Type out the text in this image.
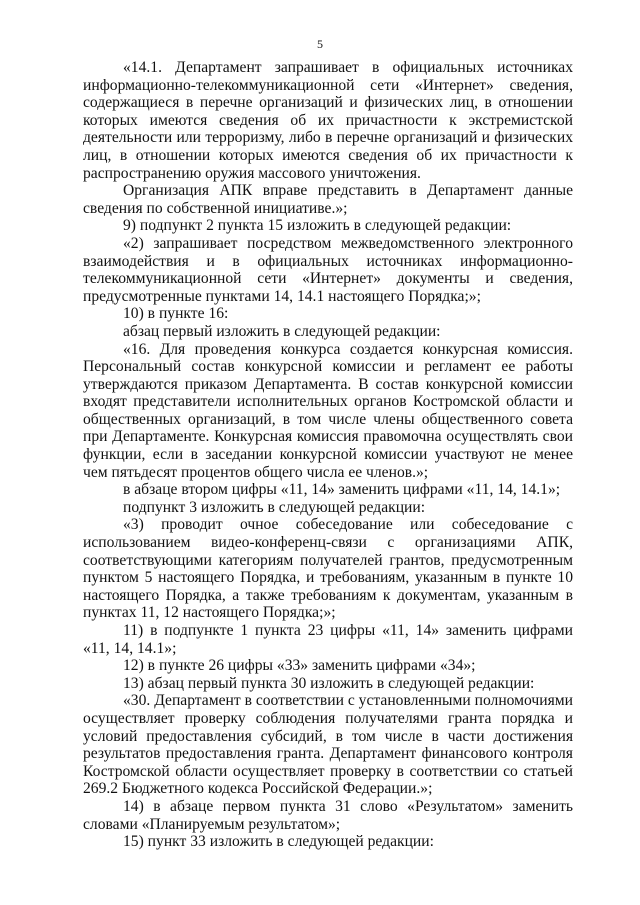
5

«14.1. Департамент запрашивает в официальных источниках информационно-телекоммуникационной сети «Интернет» сведения, содержащиеся в перечне организаций и физических лиц, в отношении которых имеются сведения об их причастности к экстремистской деятельности или терроризму, либо в перечне организаций и физических лиц, в отношении которых имеются сведения об их причастности к распространению оружия массового уничтожения.

Организация АПК вправе представить в Департамент данные сведения по собственной инициативе.»;

9) подпункт 2 пункта 15 изложить в следующей редакции:

«2) запрашивает посредством межведомственного электронного взаимодействия и в официальных источниках информационно-телекоммуникационной сети «Интернет» документы и сведения, предусмотренные пунктами 14, 14.1 настоящего Порядка;»;

10) в пункте 16:

абзац первый изложить в следующей редакции:

«16. Для проведения конкурса создается конкурсная комиссия. Персональный состав конкурсной комиссии и регламент ее работы утверждаются приказом Департамента. В состав конкурсной комиссии входят представители исполнительных органов Костромской области и общественных организаций, в том числе члены общественного совета при Департаменте. Конкурсная комиссия правомочна осуществлять свои функции, если в заседании конкурсной комиссии участвуют не менее чем пятьдесят процентов общего числа ее членов.»;

в абзаце втором цифры «11, 14» заменить цифрами «11, 14, 14.1»;

подпункт 3 изложить в следующей редакции:

«3) проводит очное собеседование или собеседование с использованием видео-конференц-связи с организациями АПК, соответствующими категориям получателей грантов, предусмотренным пунктом 5 настоящего Порядка, и требованиям, указанным в пункте 10 настоящего Порядка, а также требованиям к документам, указанным в пунктах 11, 12 настоящего Порядка;»;

11) в подпункте 1 пункта 23 цифры «11, 14» заменить цифрами «11, 14, 14.1»;

12) в пункте 26 цифры «33» заменить цифрами «34»;

13) абзац первый пункта 30 изложить в следующей редакции:

«30. Департамент в соответствии с установленными полномочиями осуществляет проверку соблюдения получателями гранта порядка и условий предоставления субсидий, в том числе в части достижения результатов предоставления гранта. Департамент финансового контроля Костромской области осуществляет проверку в соответствии со статьей 269.2 Бюджетного кодекса Российской Федерации.»;

14) в абзаце первом пункта 31 слово «Результатом» заменить словами «Планируемым результатом»;

15) пункт 33 изложить в следующей редакции:
